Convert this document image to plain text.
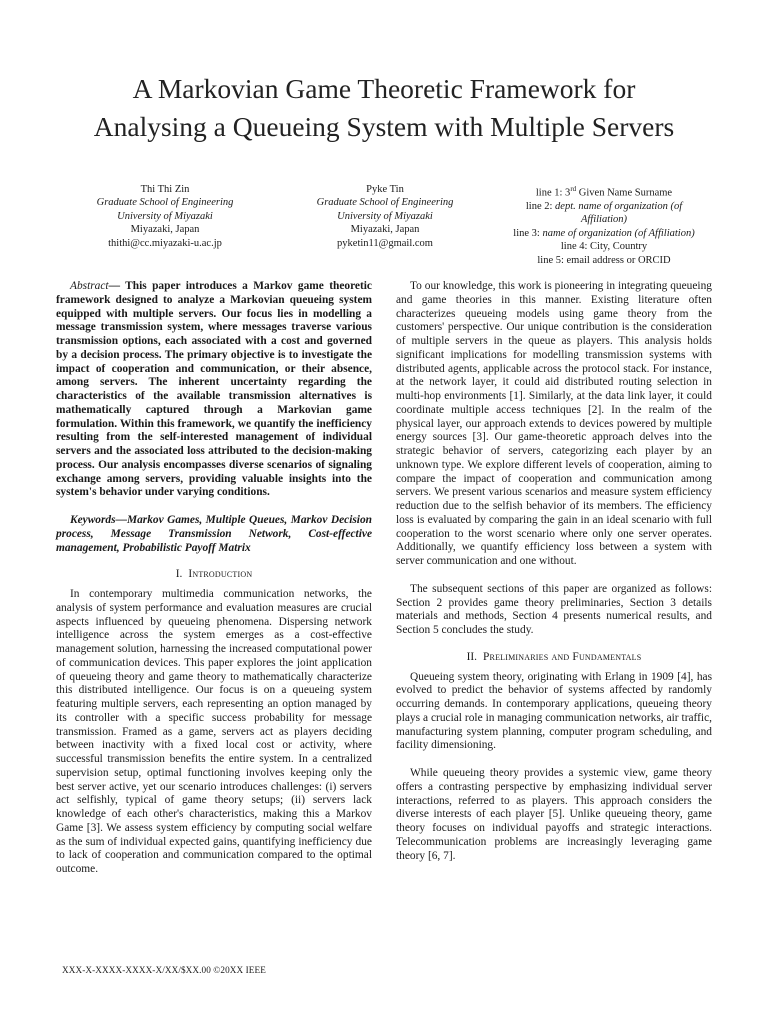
A Markovian Game Theoretic Framework for
Analysing a Queueing System with Multiple Servers
Thi Thi Zin
Graduate School of Engineering
University of Miyazaki
Miyazaki, Japan
thithi@cc.miyazaki-u.ac.jp
Pyke Tin
Graduate School of Engineering
University of Miyazaki
Miyazaki, Japan
pyketin11@gmail.com
line 1: 3rd Given Name Surname
line 2: dept. name of organization (of
Affiliation)
line 3: name of organization (of Affiliation)
line 4: City, Country
line 5: email address or ORCID

Abstract— This paper introduces a Markov game theoretic framework designed to analyze a Markovian queueing system equipped with multiple servers. Our focus lies in modelling a message transmission system, where messages traverse various transmission options, each associated with a cost and governed by a decision process. The primary objective is to investigate the impact of cooperation and communication, or their absence, among servers. The inherent uncertainty regarding the characteristics of the available transmission alternatives is mathematically captured through a Markovian game formulation. Within this framework, we quantify the inefficiency resulting from the self-interested management of individual servers and the associated loss attributed to the decision-making process. Our analysis encompasses diverse scenarios of signaling exchange among servers, providing valuable insights into the system's behavior under varying conditions.

Keywords—Markov Games, Multiple Queues, Markov Decision process, Message Transmission Network, Cost-effective management, Probabilistic Payoff Matrix

I. Introduction

In contemporary multimedia communication networks, the analysis of system performance and evaluation measures are crucial aspects influenced by queueing phenomena. Dispersing network intelligence across the system emerges as a cost-effective management solution, harnessing the increased computational power of communication devices. This paper explores the joint application of queueing theory and game theory to mathematically characterize this distributed intelligence. Our focus is on a queueing system featuring multiple servers, each representing an option managed by its controller with a specific success probability for message transmission. Framed as a game, servers act as players deciding between inactivity with a fixed local cost or activity, where successful transmission benefits the entire system. In a centralized supervision setup, optimal functioning involves keeping only the best server active, yet our scenario introduces challenges: (i) servers act selfishly, typical of game theory setups; (ii) servers lack knowledge of each other's characteristics, making this a Markov Game [3]. We assess system efficiency by computing social welfare as the sum of individual expected gains, quantifying inefficiency due to lack of cooperation and communication compared to the optimal outcome.

To our knowledge, this work is pioneering in integrating queueing and game theories in this manner. Existing literature often characterizes queueing models using game theory from the customers' perspective. Our unique contribution is the consideration of multiple servers in the queue as players. This analysis holds significant implications for modelling transmission systems with distributed agents, applicable across the protocol stack. For instance, at the network layer, it could aid distributed routing selection in multi-hop environments [1]. Similarly, at the data link layer, it could coordinate multiple access techniques [2]. In the realm of the physical layer, our approach extends to devices powered by multiple energy sources [3]. Our game-theoretic approach delves into the strategic behavior of servers, categorizing each player by an unknown type. We explore different levels of cooperation, aiming to compare the impact of cooperation and communication among servers. We present various scenarios and measure system efficiency reduction due to the selfish behavior of its members. The efficiency loss is evaluated by comparing the gain in an ideal scenario with full cooperation to the worst scenario where only one server operates. Additionally, we quantify efficiency loss between a system with server communication and one without.

The subsequent sections of this paper are organized as follows: Section 2 provides game theory preliminaries, Section 3 details materials and methods, Section 4 presents numerical results, and Section 5 concludes the study.

II. Preliminaries and Fundamentals

Queueing system theory, originating with Erlang in 1909 [4], has evolved to predict the behavior of systems affected by randomly occurring demands. In contemporary applications, queueing theory plays a crucial role in managing communication networks, air traffic, manufacturing system planning, computer program scheduling, and facility dimensioning.

While queueing theory provides a systemic view, game theory offers a contrasting perspective by emphasizing individual server interactions, referred to as players. This approach considers the diverse interests of each player [5]. Unlike queueing theory, game theory focuses on individual payoffs and strategic interactions. Telecommunication problems are increasingly leveraging game theory [6, 7].

XXX-X-XXXX-XXXX-X/XX/$XX.00 ©20XX IEEE
